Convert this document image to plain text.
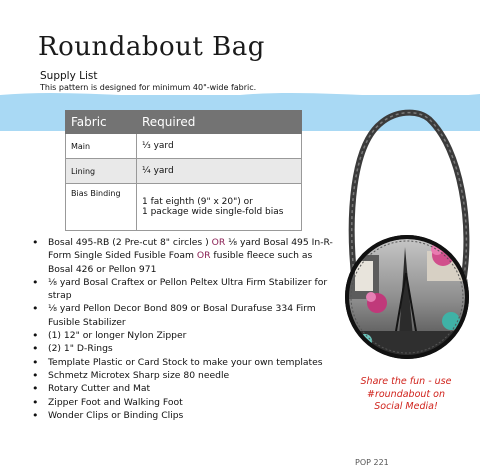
Roundabout Bag
Supply List
This pattern is designed for minimum 40"-wide fabric.
Fabric	Required
Main	⅓ yard
Lining	¼ yard
Bias Binding	1 fat eighth (9" x 20") or
1 package wide single-fold bias
• Bosal 495-RB (2 Pre-cut 8" circles ) OR ⅛ yard Bosal 495 In-R-Form Single Sided Fusible Foam OR fusible fleece such as Bosal 426 or Pellon 971
• ⅛ yard Bosal Craftex or Pellon Peltex Ultra Firm Stabilizer for strap
• ⅛ yard Pellon Decor Bond 809 or Bosal Durafuse 334 Firm Fusible Stabilizer
• (1) 12" or longer Nylon Zipper
• (2) 1" D-Rings
• Template Plastic or Card Stock to make your own templates
• Schmetz Microtex Sharp size 80 needle
• Rotary Cutter and Mat
• Zipper Foot and Walking Foot
• Wonder Clips or Binding Clips
Share the fun - use
#roundabout on
Social Media!
POP 221
